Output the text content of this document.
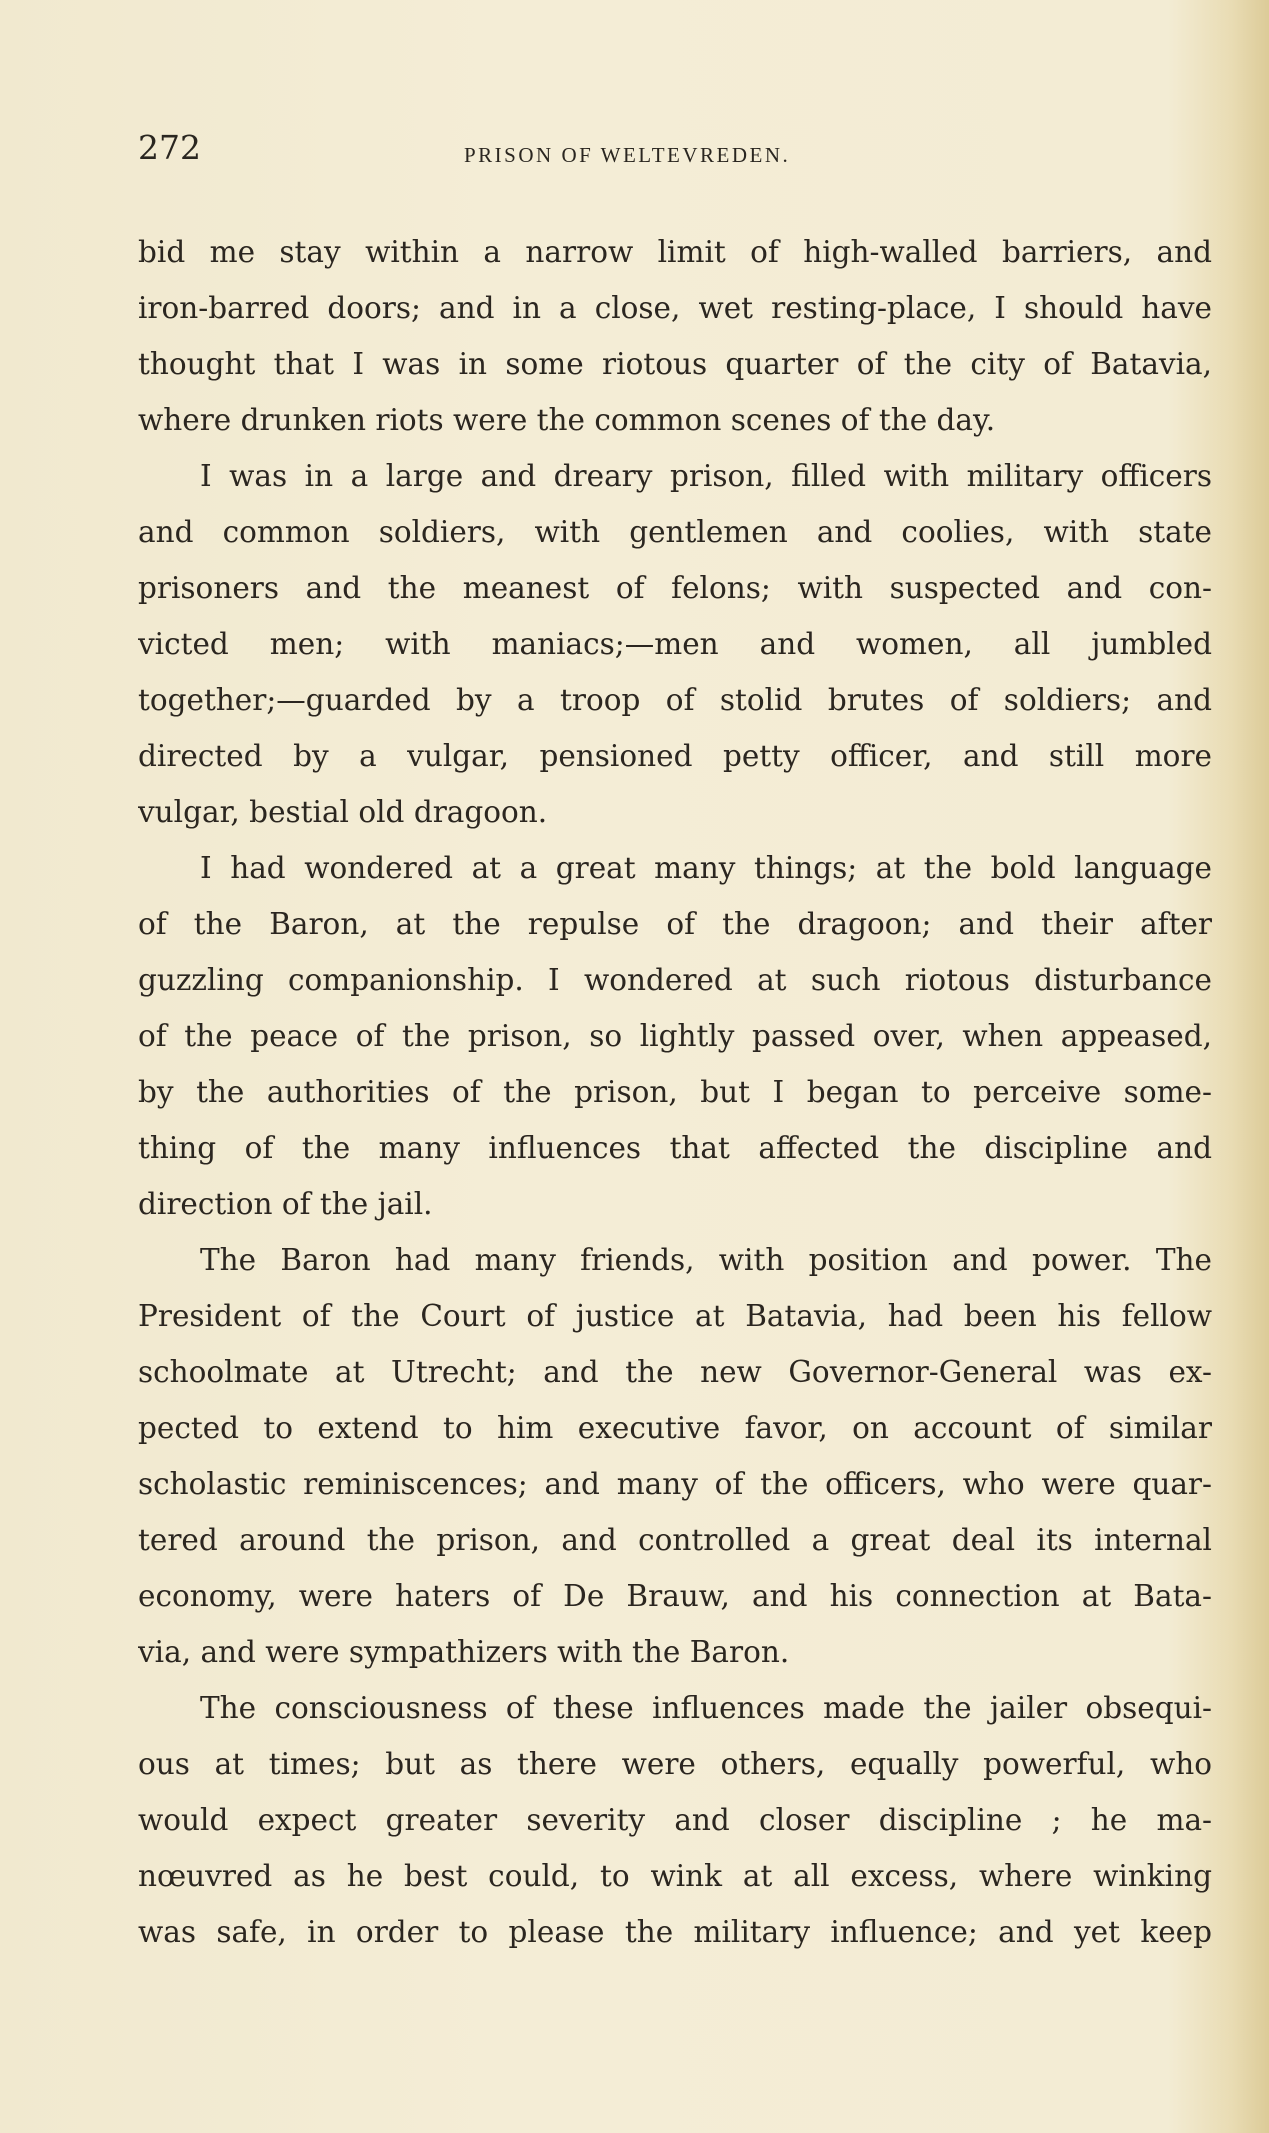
272	PRISON OF WELTEVREDEN.
bid me stay within a narrow limit of high-walled barriers, and
iron-barred doors; and in a close, wet resting-place, I should have
thought that I was in some riotous quarter of the city of Batavia,
where drunken riots were the common scenes of the day.
I was in a large and dreary prison, filled with military officers
and common soldiers, with gentlemen and coolies, with state
prisoners and the meanest of felons; with suspected and con-
victed men; with maniacs;—men and women, all jumbled
together;—guarded by a troop of stolid brutes of soldiers; and
directed by a vulgar, pensioned petty officer, and still more
vulgar, bestial old dragoon.
I had wondered at a great many things; at the bold language
of the Baron, at the repulse of the dragoon; and their after
guzzling companionship. I wondered at such riotous disturbance
of the peace of the prison, so lightly passed over, when appeased,
by the authorities of the prison, but I began to perceive some-
thing of the many influences that affected the discipline and
direction of the jail.
The Baron had many friends, with position and power. The
President of the Court of justice at Batavia, had been his fellow
schoolmate at Utrecht; and the new Governor-General was ex-
pected to extend to him executive favor, on account of similar
scholastic reminiscences; and many of the officers, who were quar-
tered around the prison, and controlled a great deal its internal
economy, were haters of De Brauw, and his connection at Bata-
via, and were sympathizers with the Baron.
The consciousness of these influences made the jailer obsequi-
ous at times; but as there were others, equally powerful, who
would expect greater severity and closer discipline ; he ma-
nœuvred as he best could, to wink at all excess, where winking
was safe, in order to please the military influence; and yet keep
